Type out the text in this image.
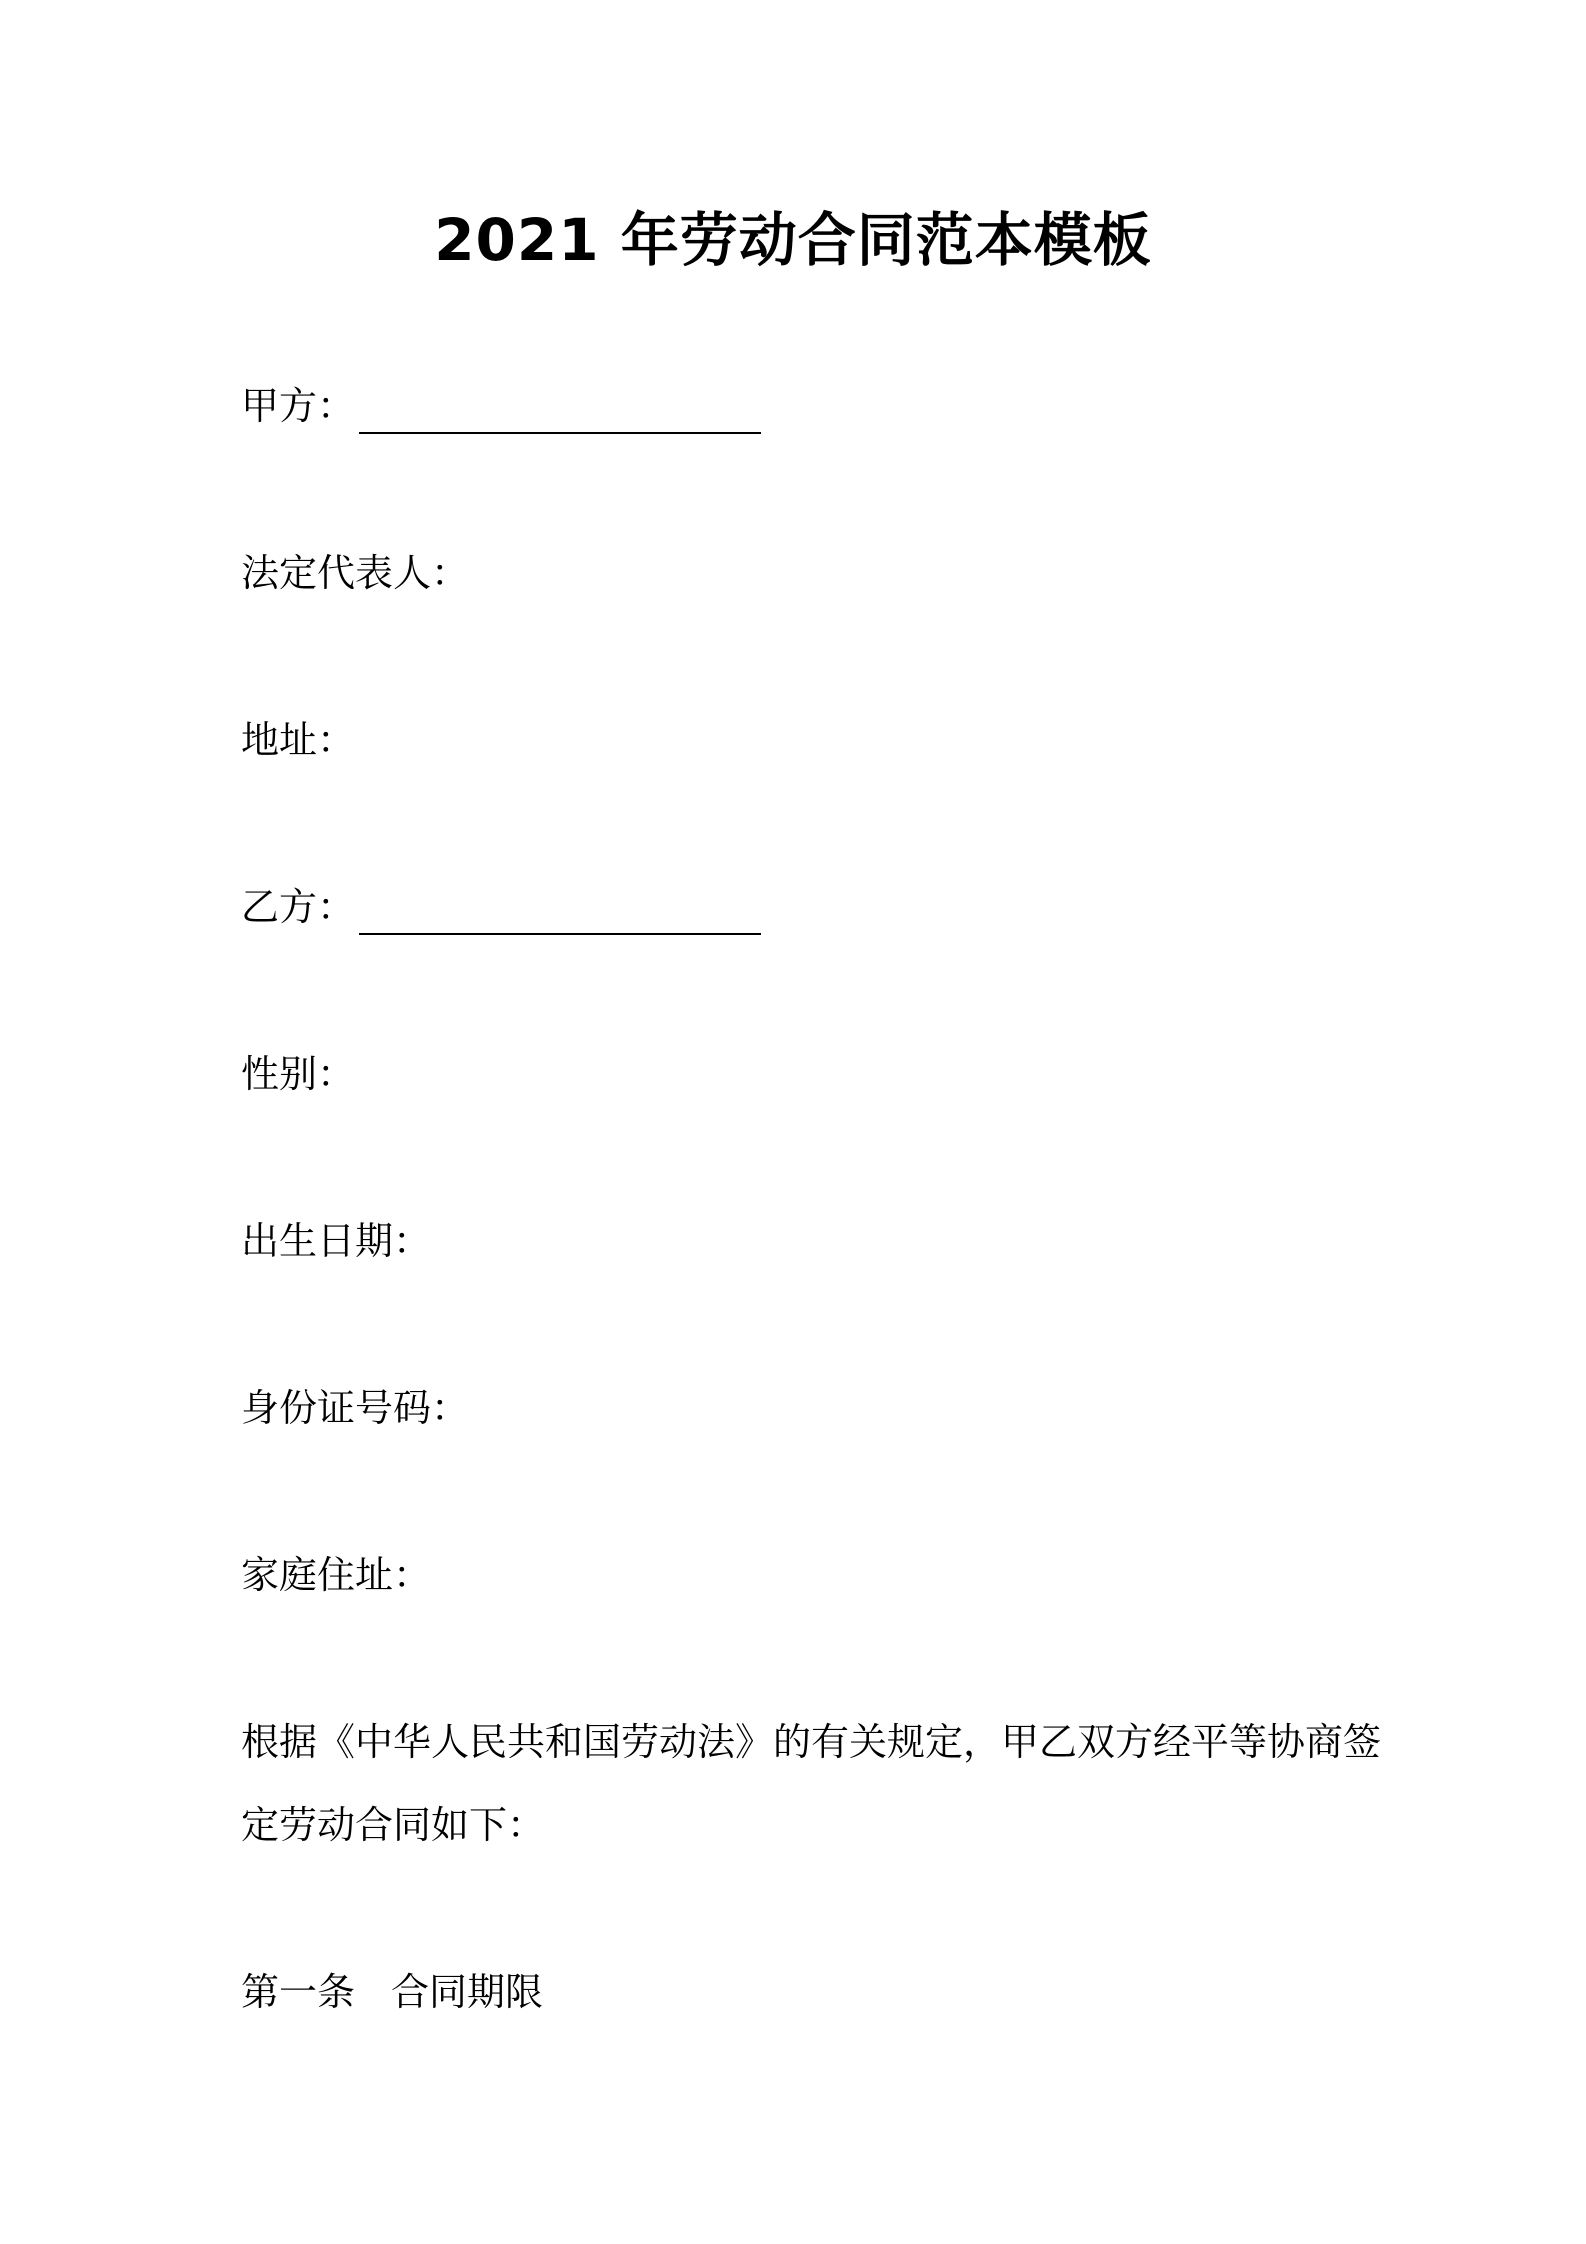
2021 年劳动合同范本模板
甲方：
法定代表人：
地址：
乙方：
性别：
出生日期：
身份证号码：
家庭住址：
根据《中华人民共和国劳动法》的有关规定，甲乙双方经平等协商签
定劳动合同如下：
第一条 合同期限
